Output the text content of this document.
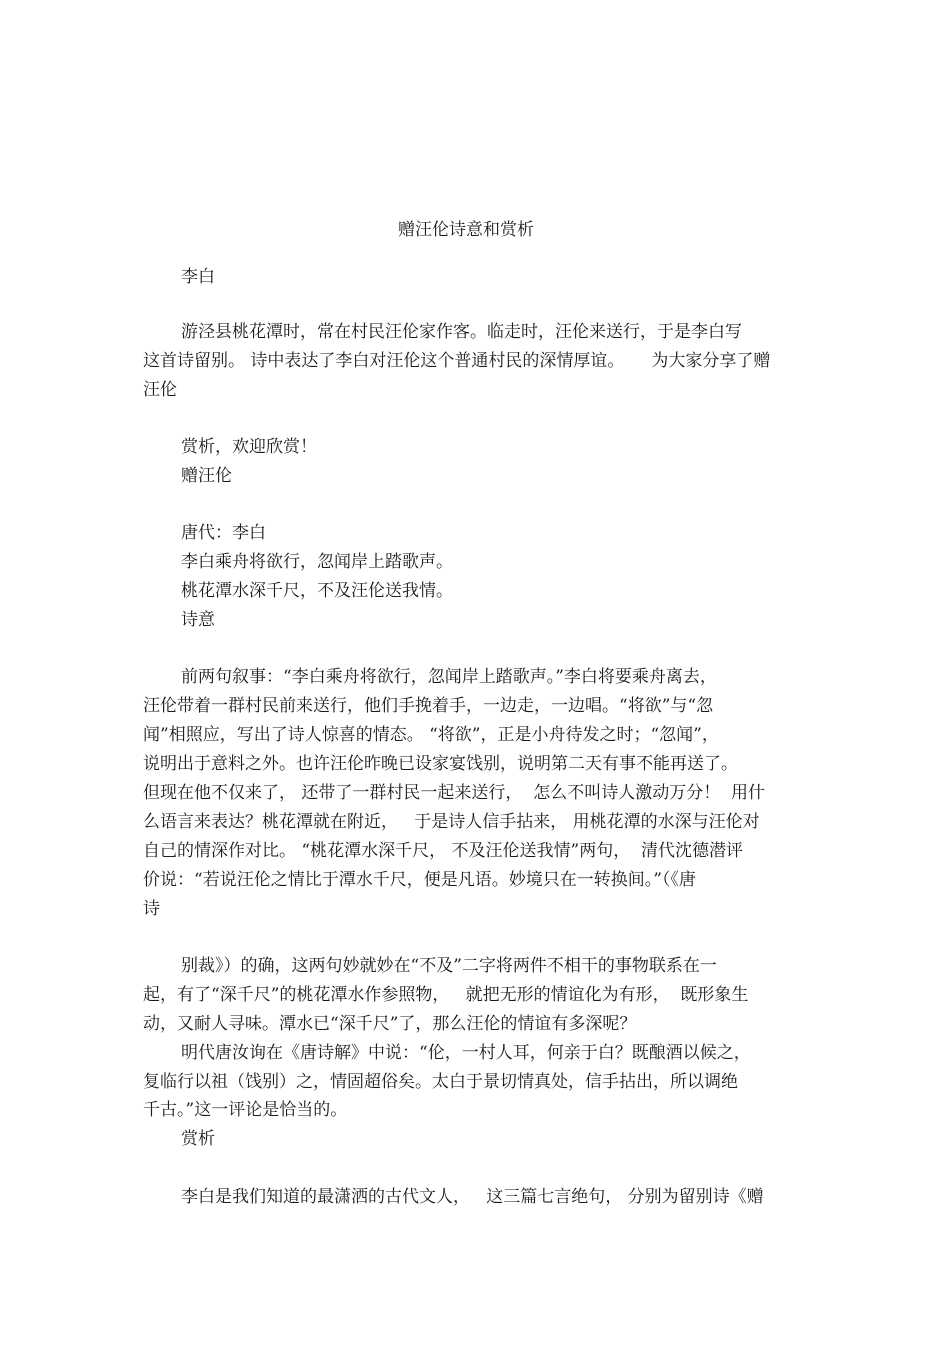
赠汪伦诗意和赏析
李白
游泾县桃花潭时，常在村民汪伦家作客。临走时，汪伦来送行，于是李白写
这首诗留别。 诗中表达了李白对汪伦这个普通村民的深情厚谊。     为大家分享了赠
汪伦
赏析，欢迎欣赏！
赠汪伦
唐代：李白
李白乘舟将欲行，忽闻岸上踏歌声。
桃花潭水深千尺，不及汪伦送我情。
诗意
前两句叙事：“李白乘舟将欲行，忽闻岸上踏歌声。”李白将要乘舟离去，
汪伦带着一群村民前来送行，他们手挽着手，一边走，一边唱。“将欲”与“忽
闻”相照应，写出了诗人惊喜的情态。 “将欲”，正是小舟待发之时；“忽闻”，
说明出于意料之外。也许汪伦昨晚已设家宴饯别，说明第二天有事不能再送了。
但现在他不仅来了， 还带了一群村民一起来送行，  怎么不叫诗人激动万分！  用什
么语言来表达？桃花潭就在附近，   于是诗人信手拈来， 用桃花潭的水深与汪伦对
自己的情深作对比。 “桃花潭水深千尺， 不及汪伦送我情”两句，  清代沈德潜评
价说：“若说汪伦之情比于潭水千尺，便是凡语。妙境只在一转换间。”（《唐
诗
别裁》）的确，这两句妙就妙在“不及”二字将两件不相干的事物联系在一
起，有了“深千尺”的桃花潭水作参照物，   就把无形的情谊化为有形，  既形象生
动，又耐人寻味。潭水已“深千尺”了，那么汪伦的情谊有多深呢？
明代唐汝询在《唐诗解》中说：“伦，一村人耳，何亲于白？既酿酒以候之，
复临行以祖（饯别）之，情固超俗矣。太白于景切情真处，信手拈出，所以调绝
千古。”这一评论是恰当的。
赏析
李白是我们知道的最潇洒的古代文人，   这三篇七言绝句， 分别为留别诗《赠
